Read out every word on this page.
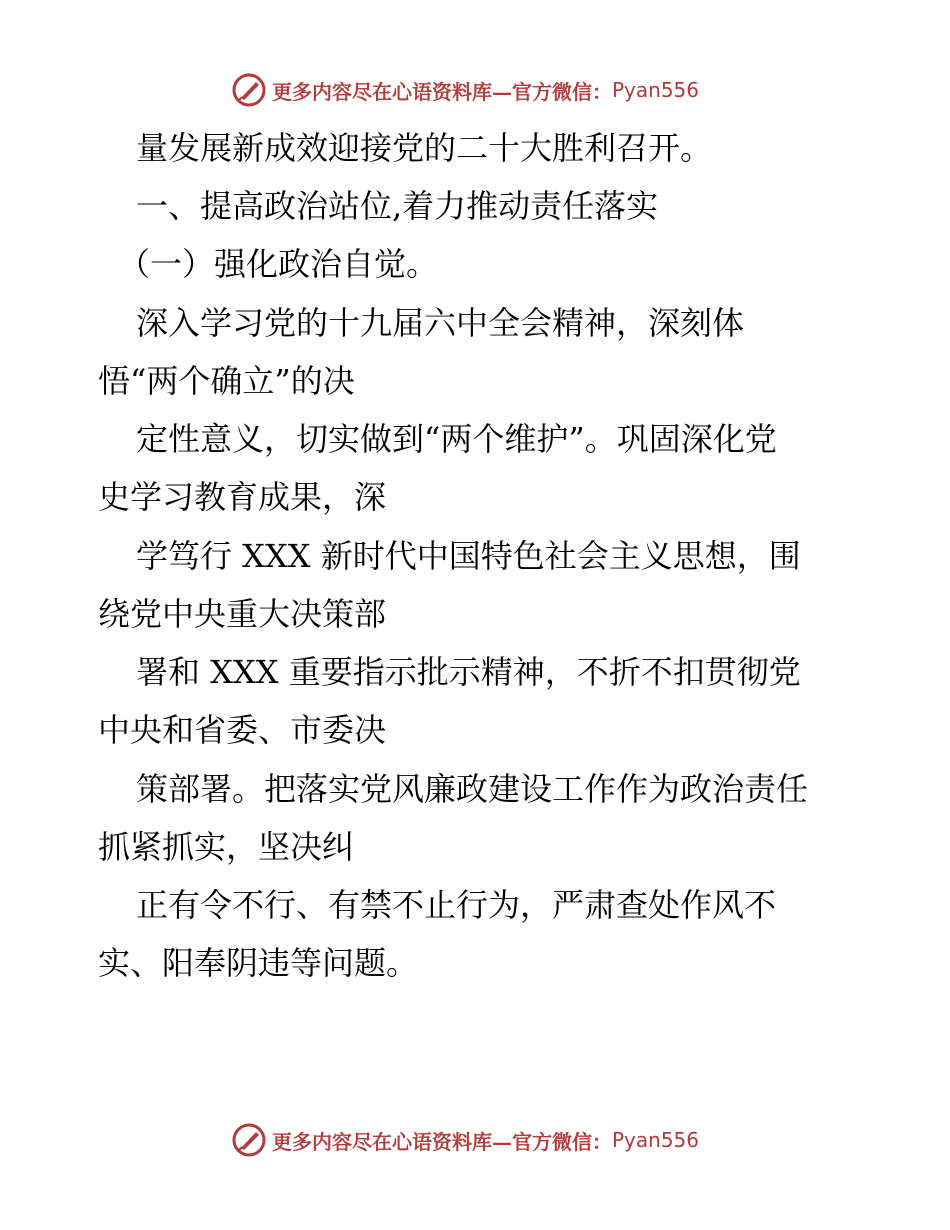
更多内容尽在心语资料库—官方微信： Pyan556
量发展新成效迎接党的二十大胜利召开。
一、提高政治站位,着力推动责任落实
（一）强化政治自觉。
深入学习党的十九届六中全会精神，深刻体
悟“两个确立”的决
定性意义，切实做到“两个维护”。巩固深化党
史学习教育成果，深
学笃行 XXX 新时代中国特色社会主义思想，围
绕党中央重大决策部
署和 XXX 重要指示批示精神，不折不扣贯彻党
中央和省委、市委决
策部署。把落实党风廉政建设工作作为政治责任
抓紧抓实，坚决纠
正有令不行、有禁不止行为，严肃查处作风不
实、阳奉阴违等问题。
更多内容尽在心语资料库—官方微信： Pyan556
